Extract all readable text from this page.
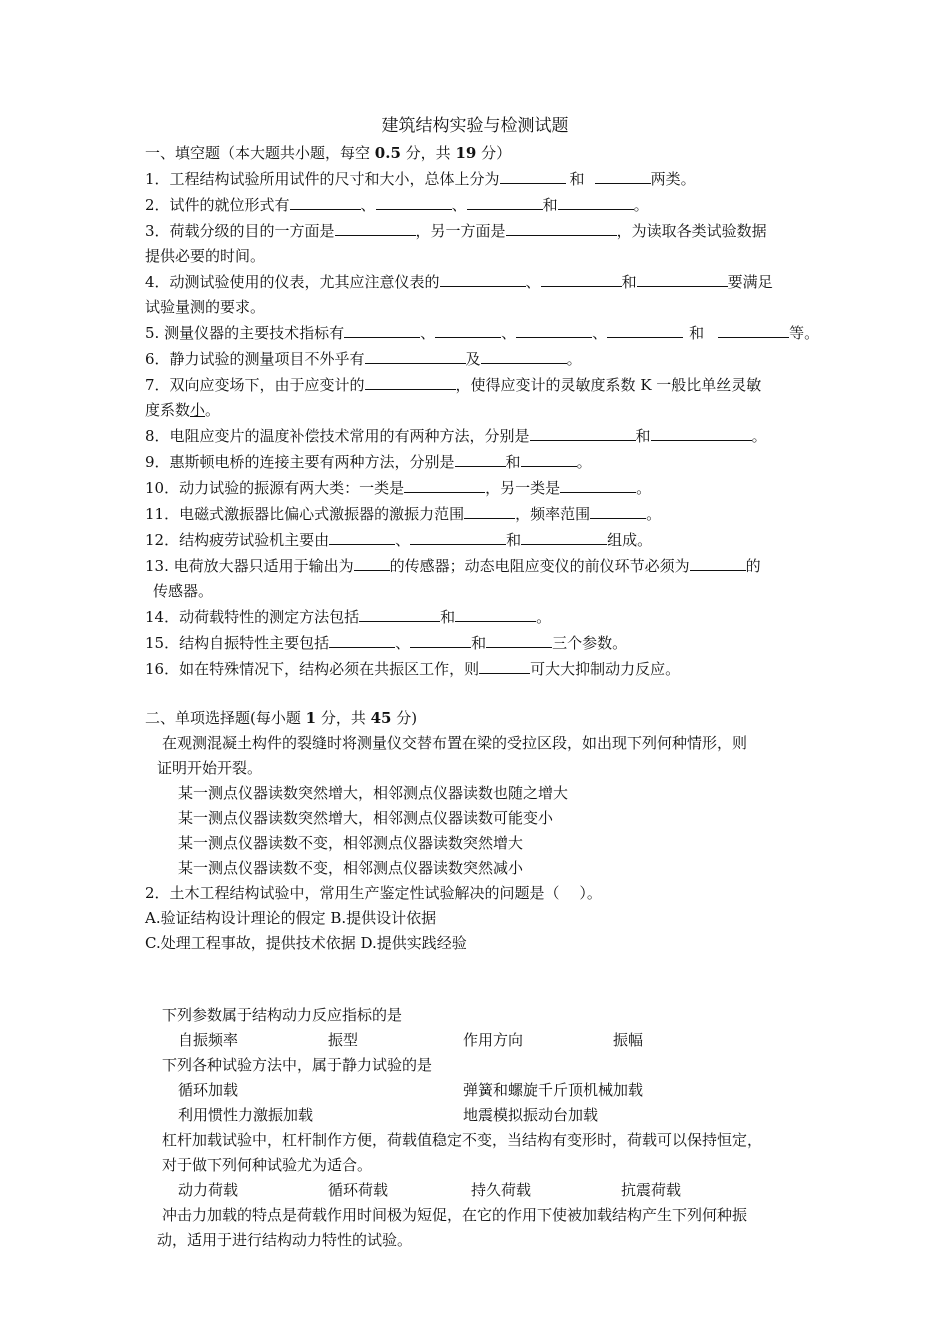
建筑结构实验与检测试题
一、填空题（本大题共小题，每空 0.5 分，共 19 分）
1．工程结构试验所用试件的尺寸和大小，总体上分为	和	两类。
2．试件的就位形式有	、	、	和	。
3．荷载分级的目的一方面是	，另一方面是	，为读取各类试验数据
提供必要的时间。
4．动测试验使用的仪表，尤其应注意仪表的	、	和	要满足
试验量测的要求。
5. 测量仪器的主要技术指标有	、	、	、	和	等。
6．静力试验的测量项目不外乎有	及	。
7．双向应变场下，由于应变计的	，使得应变计的灵敏度系数 K 一般比单丝灵敏
度系数小。
8．电阻应变片的温度补偿技术常用的有两种方法，分别是	和	。
9．惠斯顿电桥的连接主要有两种方法，分别是	和	。
10．动力试验的振源有两大类：一类是	，另一类是	。
11．电磁式激振器比偏心式激振器的激振力范围	，频率范围	。
12．结构疲劳试验机主要由	、	和	组成。
13. 电荷放大器只适用于输出为 的传感器；动态电阻应变仪的前仪环节必须为	的
传感器。
14．动荷载特性的测定方法包括	和	。
15．结构自振特性主要包括	、	和	三个参数。
16．如在特殊情况下，结构必须在共振区工作，则	可大大抑制动力反应。
二、单项选择题(每小题 1 分，共 45 分)
在观测混凝土构件的裂缝时将测量仪交替布置在梁的受拉区段，如出现下列何种情形，则
证明开始开裂。
某一测点仪器读数突然增大，相邻测点仪器读数也随之增大
某一测点仪器读数突然增大，相邻测点仪器读数可能变小
某一测点仪器读数不变，相邻测点仪器读数突然增大
某一测点仪器读数不变，相邻测点仪器读数突然减小
2．土木工程结构试验中，常用生产鉴定性试验解决的问题是（　 ）。
A.验证结构设计理论的假定 B.提供设计依据
C.处理工程事故，提供技术依据 D.提供实践经验
下列参数属于结构动力反应指标的是
自振频率	振型	作用方向	振幅
下列各种试验方法中，属于静力试验的是
循环加载	弹簧和螺旋千斤顶机械加载
利用惯性力激振加载	地震模拟振动台加载
杠杆加载试验中，杠杆制作方便，荷载值稳定不变，当结构有变形时，荷载可以保持恒定，
对于做下列何种试验尤为适合。
动力荷载	循环荷载	持久荷载	抗震荷载
冲击力加载的特点是荷载作用时间极为短促，在它的作用下使被加载结构产生下列何种振
动，适用于进行结构动力特性的试验。
